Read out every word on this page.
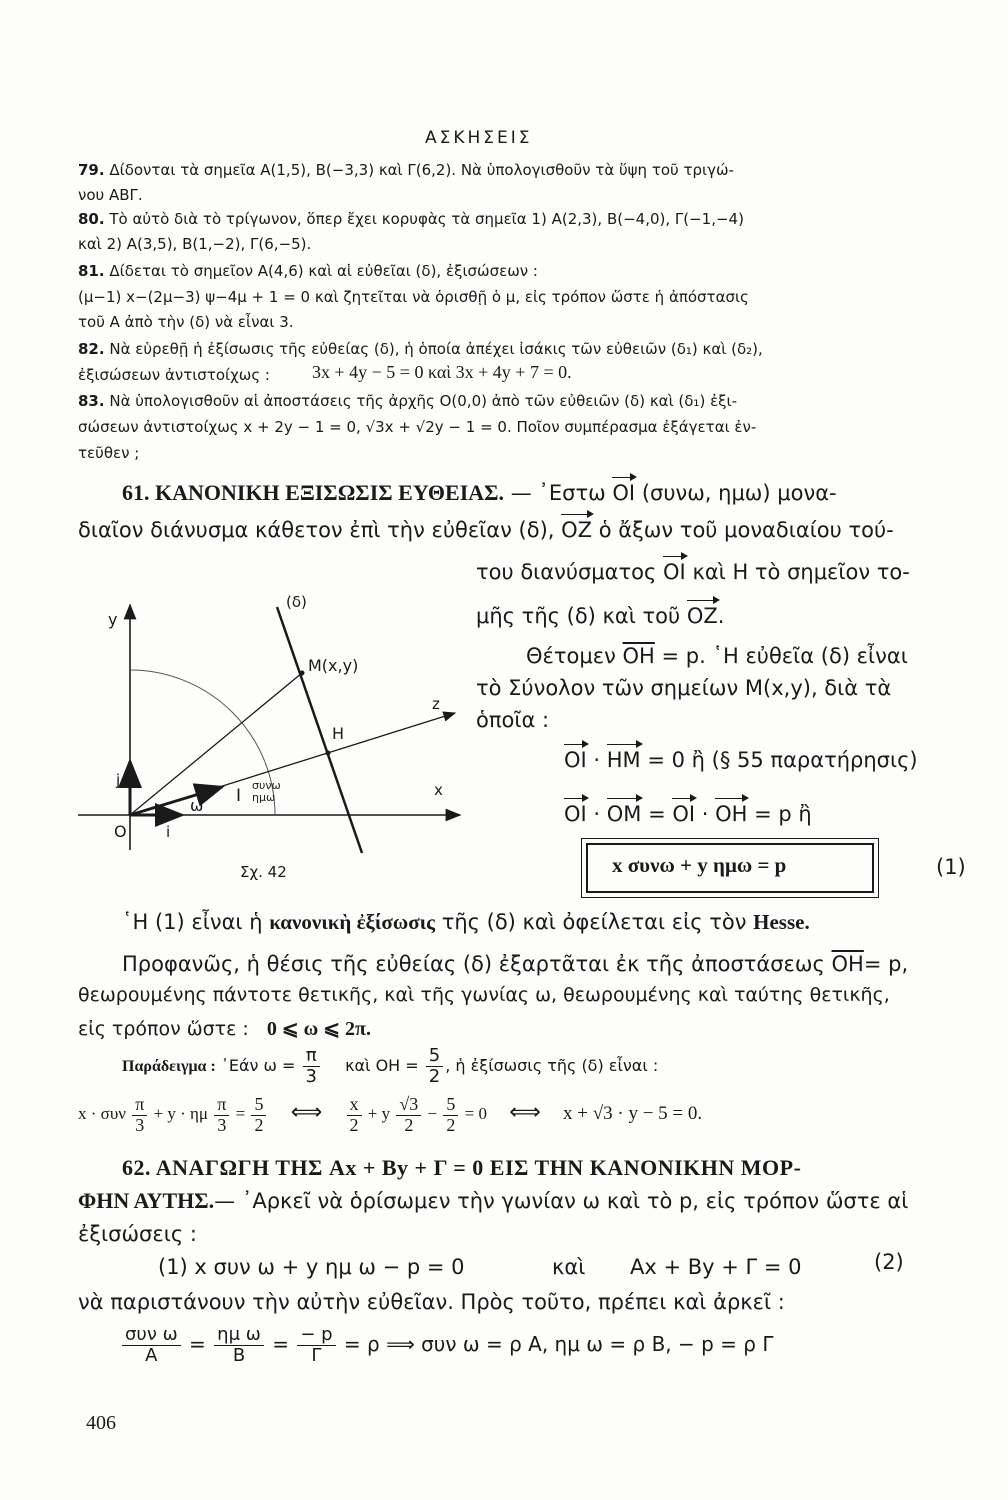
ΑΣΚΗΣΕΙΣ
79. Δίδονται τὰ σημεῖα Α(1,5), Β(−3,3) καὶ Γ(6,2). Νὰ ὑπολογισθοῦν τὰ ὕψη τοῦ τριγώ-
νου ΑΒΓ.
80. Τὸ αὐτὸ διὰ τὸ τρίγωνον, ὅπερ ἔχει κορυφὰς τὰ σημεῖα 1) Α(2,3), Β(−4,0), Γ(−1,−4)
καὶ 2) Α(3,5), Β(1,−2), Γ(6,−5).
81. Δίδεται τὸ σημεῖον Α(4,6) καὶ αἱ εὐθεῖαι (δ), ἐξισώσεων :
(μ−1) x−(2μ−3) ψ−4μ + 1 = 0 καὶ ζητεῖται νὰ ὁρισθῇ ὁ μ, εἰς τρόπον ὥστε ἡ ἀπόστασις
τοῦ Α ἀπὸ τὴν (δ) νὰ εἶναι 3.
82. Νὰ εὑρεθῇ ἡ ἐξίσωσις τῆς εὐθείας (δ), ἡ ὁποία ἀπέχει ἰσάκις τῶν εὐθειῶν (δ₁) καὶ (δ₂),
ἐξισώσεων ἀντιστοίχως : 3x + 4y − 5 = 0 καὶ 3x + 4y + 7 = 0.
83. Νὰ ὑπολογισθοῦν αἱ ἀποστάσεις τῆς ἀρχῆς Ο(0,0) ἀπὸ τῶν εὐθειῶν (δ) καὶ (δ₁) ἐξι-
σώσεων ἀντιστοίχως x + 2y − 1 = 0, √3x + √2y − 1 = 0. Ποῖον συμπέρασμα ἐξάγεται ἐν-
τεῦθεν ;
61. ΚΑΝΟΝΙΚΗ ΕΞΙΣΩΣΙΣ ΕΥΘΕΙΑΣ. — ᾽Εστω ΟΙ (συνω, ημω) μονα-
διαῖον διάνυσμα κάθετον ἐπὶ τὴν εὐθεῖαν (δ), ΟΖ ὁ ἄξων τοῦ μοναδιαίου τού-
του διανύσματος ΟΙ καὶ Η τὸ σημεῖον το-
μῆς τῆς (δ) καὶ τοῦ ΟΖ.
Θέτομεν $\overline{OH} = p$. ῾Η εὐθεῖα (δ) εἶναι
τὸ Σύνολον τῶν σημείων M(x,y), διὰ τὰ
ὁποῖα :
ΟΙ · ΗΜ = 0 ἢ (§ 55 παρατήρησις)
ΟΙ · ΟΜ = ΟΙ · ΟΗ = p ἢ
x συνω + y ημω = p	(1)
y
(δ)
M(x,y)
z
H
x
I
συνω
ημω
ω
O	i
j
Σχ. 42
῾Η (1) εἶναι ἡ κανονικὴ ἐξίσωσις τῆς (δ) καὶ ὀφείλεται εἰς τὸν Hesse.
Προφανῶς, ἡ θέσις τῆς εὐθείας (δ) ἐξαρτᾶται ἐκ τῆς ἀποστάσεως $\overline{OH}= p$,
θεωρουμένης πάντοτε θετικῆς, καὶ τῆς γωνίας ω, θεωρουμένης καὶ ταύτης θετικῆς,
εἰς τρόπον ὥστε : 0 ⩽ ω ⩽ 2π.
Παράδειγμα : ᾽Εάν $\omega = \frac{\pi}{3}$ καὶ $OH = \frac{5}{2}$ , ἡ ἐξίσωσις τῆς (δ) εἶναι :
x · συν $\frac{\pi}{3} + y \cdot \eta\mu \frac{\pi}{3} = \frac{5}{2}$ ⟺ $\frac{x}{2} + y \frac{√3}{2} - \frac{5}{2} = 0$ ⟺ x + √3 · y − 5 = 0.
62. ΑΝΑΓΩΓΗ ΤΗΣ Ax + By + Γ = 0 ΕΙΣ ΤΗΝ ΚΑΝΟΝΙΚΗΝ ΜΟΡ-
ΦΗΝ ΑΥΤΗΣ.— ᾽Αρκεῖ νὰ ὁρίσωμεν τὴν γωνίαν ω καὶ τὸ p, εἰς τρόπον ὥστε αἱ
ἐξισώσεις :
(1) x συν ω + y ημ ω − p = 0	καὶ Ax + By + Γ = 0	(2)
νὰ παριστάνουν τὴν αὐτὴν εὐθεῖαν. Πρὸς τοῦτο, πρέπει καὶ ἀρκεῖ :
$\frac{\text{συν ω}}{A} = \frac{\text{ημ ω}}{B} = \frac{- p}{\Gamma} = \rho$ ⟹ συν ω = ρ A, ημ ω = ρ B, − p = ρ Γ
406
